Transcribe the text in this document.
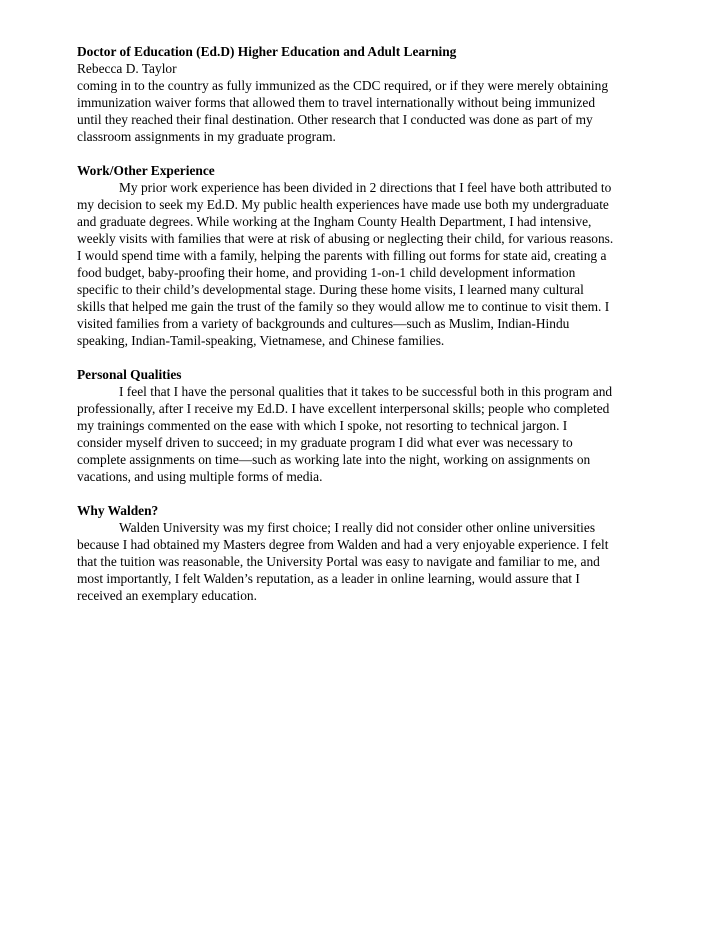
Doctor of Education (Ed.D) Higher Education and Adult Learning
Rebecca D. Taylor
coming in to the country as fully immunized as the CDC required, or if they were merely obtaining
immunization waiver forms that allowed them to travel internationally without being immunized
until they reached their final destination. Other research that I conducted was done as part of my
classroom assignments in my graduate program.
Work/Other Experience
My prior work experience has been divided in 2 directions that I feel have both attributed to
my decision to seek my Ed.D. My public health experiences have made use both my undergraduate
and graduate degrees. While working at the Ingham County Health Department, I had intensive,
weekly visits with families that were at risk of abusing or neglecting their child, for various reasons.
I would spend time with a family, helping the parents with filling out forms for state aid, creating a
food budget, baby-proofing their home, and providing 1-on-1 child development information
specific to their child’s developmental stage. During these home visits, I learned many cultural
skills that helped me gain the trust of the family so they would allow me to continue to visit them. I
visited families from a variety of backgrounds and cultures—such as Muslim, Indian-Hindu
speaking, Indian-Tamil-speaking, Vietnamese, and Chinese families.
Personal Qualities
I feel that I have the personal qualities that it takes to be successful both in this program and
professionally, after I receive my Ed.D. I have excellent interpersonal skills; people who completed
my trainings commented on the ease with which I spoke, not resorting to technical jargon. I
consider myself driven to succeed; in my graduate program I did what ever was necessary to
complete assignments on time—such as working late into the night, working on assignments on
vacations, and using multiple forms of media.
Why Walden?
Walden University was my first choice; I really did not consider other online universities
because I had obtained my Masters degree from Walden and had a very enjoyable experience. I felt
that the tuition was reasonable, the University Portal was easy to navigate and familiar to me, and
most importantly, I felt Walden’s reputation, as a leader in online learning, would assure that I
received an exemplary education.
